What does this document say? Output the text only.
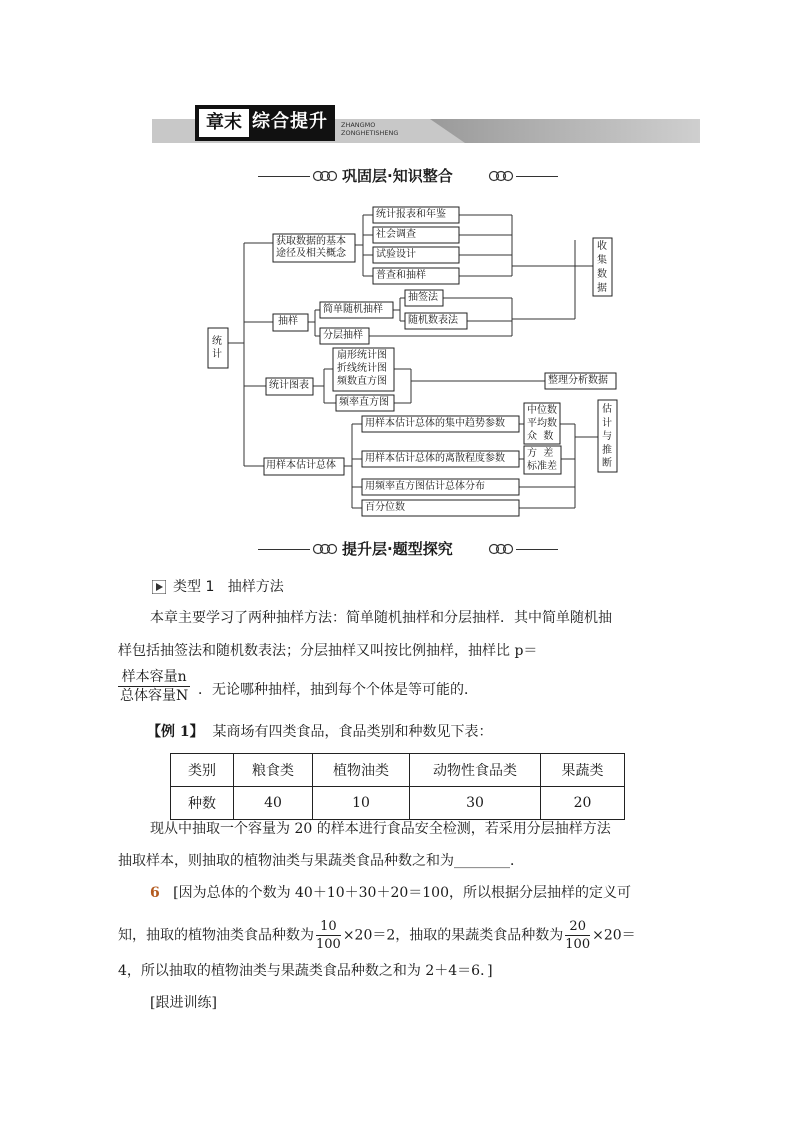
章末 综合提升	ZHANGMO
ZONGHETISHENG
巩固层·知识整合
统计
获取数据的基本途径及相关概念
抽样
统计图表
用样本估计总体
统计报表和年鉴
社会调查
试验设计
普查和抽样
简单随机抽样
抽签法
随机数表法
分层抽样
扇形统计图
折线统计图
频数直方图
频率直方图
用样本估计总体的集中趋势参数
用样本估计总体的离散程度参数
用频率直方图估计总体分布
百分位数
中位数
平均数
众  数
方  差
标准差
收集数据
整理分析数据
估计与推断
提升层·题型探究
类型 1 抽样方法
本章主要学习了两种抽样方法：简单随机抽样和分层抽样．其中简单随机抽
样包括抽签法和随机数表法；分层抽样又叫按比例抽样，抽样比 p＝
样本容量n
总体容量N ．无论哪种抽样，抽到每个个体是等可能的．
【例 1】 某商场有四类食品，食品类别和种数见下表：
类别	粮食类	植物油类	动物性食品类	果蔬类
种数	40	10	30	20
现从中抽取一个容量为 20 的样本进行食品安全检测，若采用分层抽样方法
抽取样本，则抽取的植物油类与果蔬类食品种数之和为________．
6 [因为总体的个数为 40＋10＋30＋20＝100，所以根据分层抽样的定义可
知，抽取的植物油类食品种数为 $\frac{10}{100} \times 20=2$，抽取的果蔬类食品种数为 $\frac{20}{100} \times 20=$
4，所以抽取的植物油类与果蔬类食品种数之和为 2＋4＝6．]
[跟进训练]
